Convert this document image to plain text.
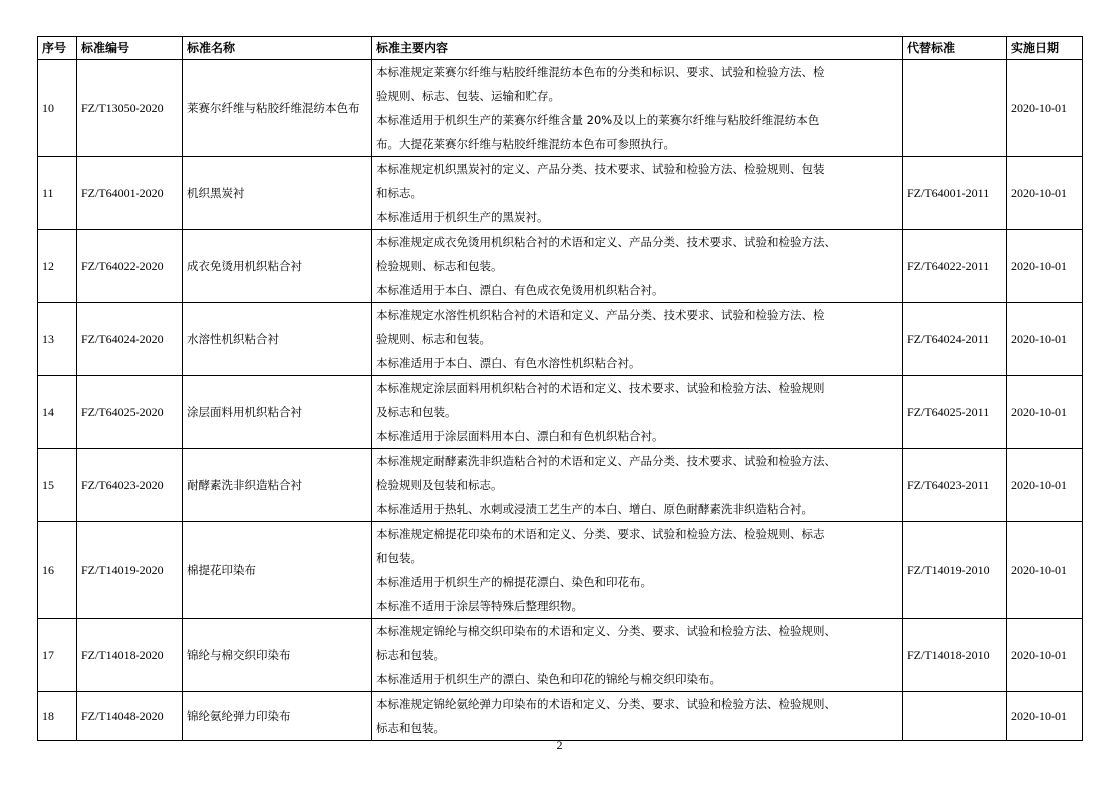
序号	标准编号	标准名称	标准主要内容	代替标准	实施日期
10	FZ/T13050-2020	莱赛尔纤维与粘胶纤维混纺本色布	本标准规定莱赛尔纤维与粘胶纤维混纺本色布的分类和标识、要求、试验和检验方法、检
验规则、标志、包装、运输和贮存。
本标准适用于机织生产的莱赛尔纤维含量 20%及以上的莱赛尔纤维与粘胶纤维混纺本色
布。大提花莱赛尔纤维与粘胶纤维混纺本色布可参照执行。		2020-10-01
11	FZ/T64001-2020	机织黑炭衬	本标准规定机织黑炭衬的定义、产品分类、技术要求、试验和检验方法、检验规则、包装
和标志。
本标准适用于机织生产的黑炭衬。	FZ/T64001-2011	2020-10-01
12	FZ/T64022-2020	成衣免烫用机织粘合衬	本标准规定成衣免烫用机织粘合衬的术语和定义、产品分类、技术要求、试验和检验方法、
检验规则、标志和包装。
本标准适用于本白、漂白、有色成衣免烫用机织粘合衬。	FZ/T64022-2011	2020-10-01
13	FZ/T64024-2020	水溶性机织粘合衬	本标准规定水溶性机织粘合衬的术语和定义、产品分类、技术要求、试验和检验方法、检
验规则、标志和包装。
本标准适用于本白、漂白、有色水溶性机织粘合衬。	FZ/T64024-2011	2020-10-01
14	FZ/T64025-2020	涂层面料用机织粘合衬	本标准规定涂层面料用机织粘合衬的术语和定义、技术要求、试验和检验方法、检验规则
及标志和包装。
本标准适用于涂层面料用本白、漂白和有色机织粘合衬。	FZ/T64025-2011	2020-10-01
15	FZ/T64023-2020	耐酵素洗非织造粘合衬	本标准规定耐酵素洗非织造粘合衬的术语和定义、产品分类、技术要求、试验和检验方法、
检验规则及包装和标志。
本标准适用于热轧、水刺或浸渍工艺生产的本白、增白、原色耐酵素洗非织造粘合衬。	FZ/T64023-2011	2020-10-01
16	FZ/T14019-2020	棉提花印染布	本标准规定棉提花印染布的术语和定义、分类、要求、试验和检验方法、检验规则、标志
和包装。
本标准适用于机织生产的棉提花漂白、染色和印花布。
本标准不适用于涂层等特殊后整理织物。	FZ/T14019-2010	2020-10-01
17	FZ/T14018-2020	锦纶与棉交织印染布	本标准规定锦纶与棉交织印染布的术语和定义、分类、要求、试验和检验方法、检验规则、
标志和包装。
本标准适用于机织生产的漂白、染色和印花的锦纶与棉交织印染布。	FZ/T14018-2010	2020-10-01
18	FZ/T14048-2020	锦纶氨纶弹力印染布	本标准规定锦纶氨纶弹力印染布的术语和定义、分类、要求、试验和检验方法、检验规则、
标志和包装。		2020-10-01
2
